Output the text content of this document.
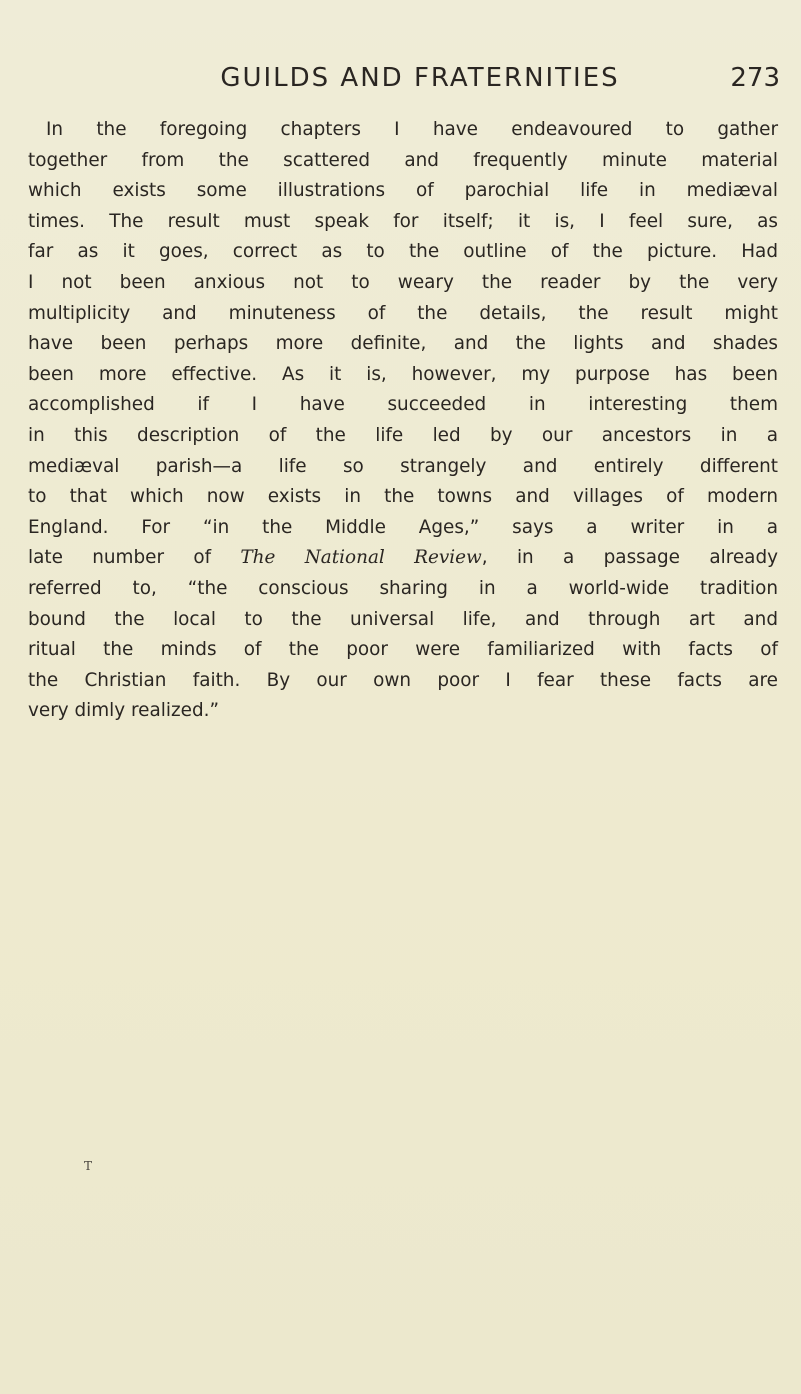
GUILDS AND FRATERNITIES	273
In the foregoing chapters I have endeavoured to gather
together from the scattered and frequently minute material
which exists some illustrations of parochial life in mediæval
times. The result must speak for itself; it is, I feel sure, as
far as it goes, correct as to the outline of the picture. Had
I not been anxious not to weary the reader by the very
multiplicity and minuteness of the details, the result might
have been perhaps more definite, and the lights and shades
been more effective. As it is, however, my purpose has been
accomplished if I have succeeded in interesting them
in this description of the life led by our ancestors in a
mediæval parish—a life so strangely and entirely different
to that which now exists in the towns and villages of modern
England. For “in the Middle Ages,” says a writer in a
late number of The National Review, in a passage already
referred to, “the conscious sharing in a world-wide tradition
bound the local to the universal life, and through art and
ritual the minds of the poor were familiarized with facts of
the Christian faith. By our own poor I fear these facts are
very dimly realized.”
T
